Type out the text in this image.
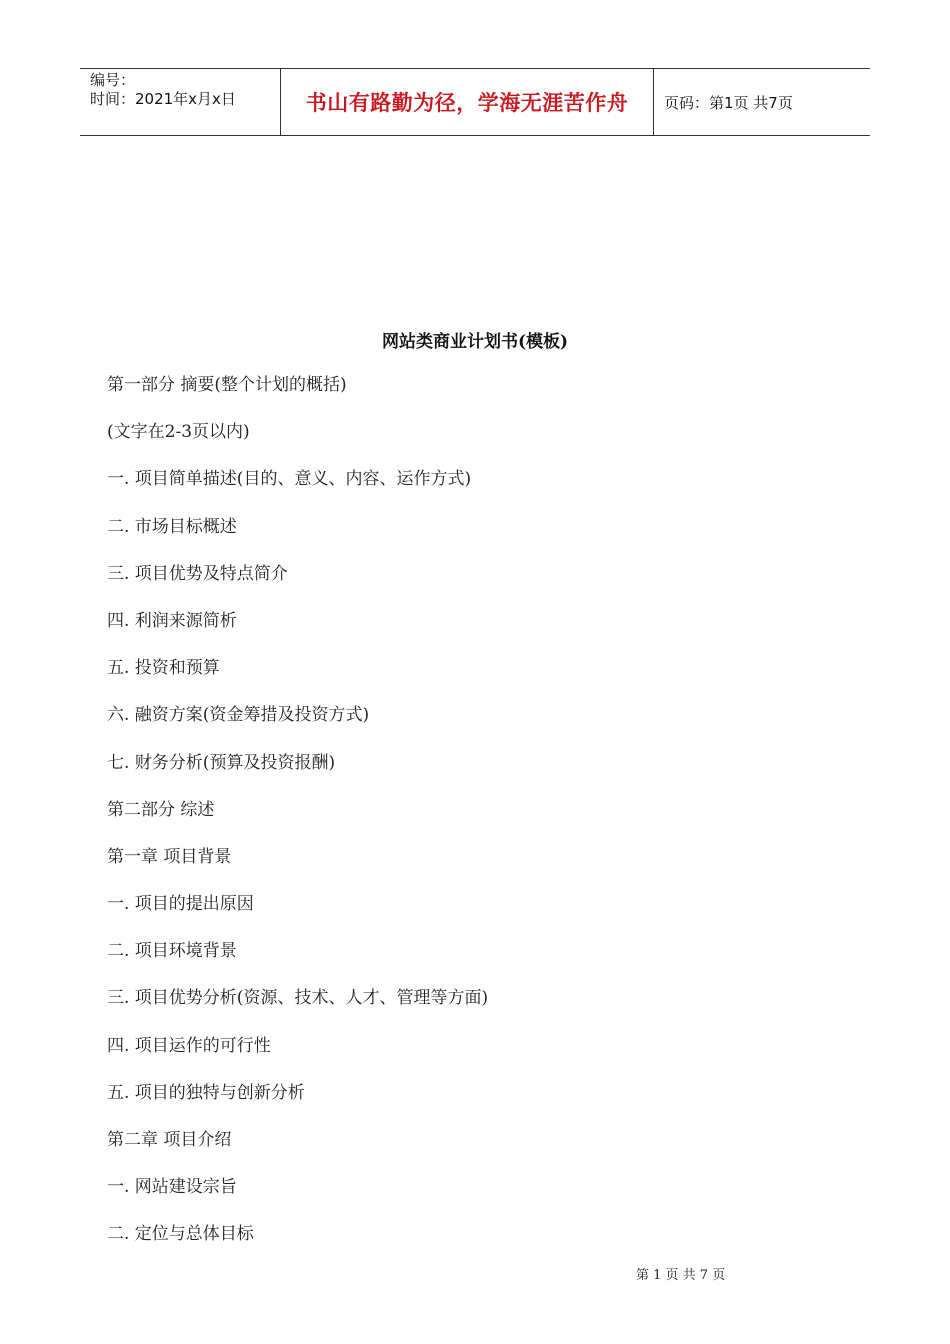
编号：
时间：2021年x月x日	书山有路勤为径，学海无涯苦作舟 页码：第1页 共7页
网站类商业计划书(模板)
第一部分 摘要(整个计划的概括)
(文字在2-3页以内)
一. 项目简单描述(目的、意义、内容、运作方式)
二. 市场目标概述
三. 项目优势及特点简介
四. 利润来源简析
五. 投资和预算
六. 融资方案(资金筹措及投资方式)
七. 财务分析(预算及投资报酬)
第二部分 综述
第一章 项目背景
一. 项目的提出原因
二. 项目环境背景
三. 项目优势分析(资源、技术、人才、管理等方面)
四. 项目运作的可行性
五. 项目的独特与创新分析
第二章 项目介绍
一. 网站建设宗旨
二. 定位与总体目标
第 1 页 共 7 页
